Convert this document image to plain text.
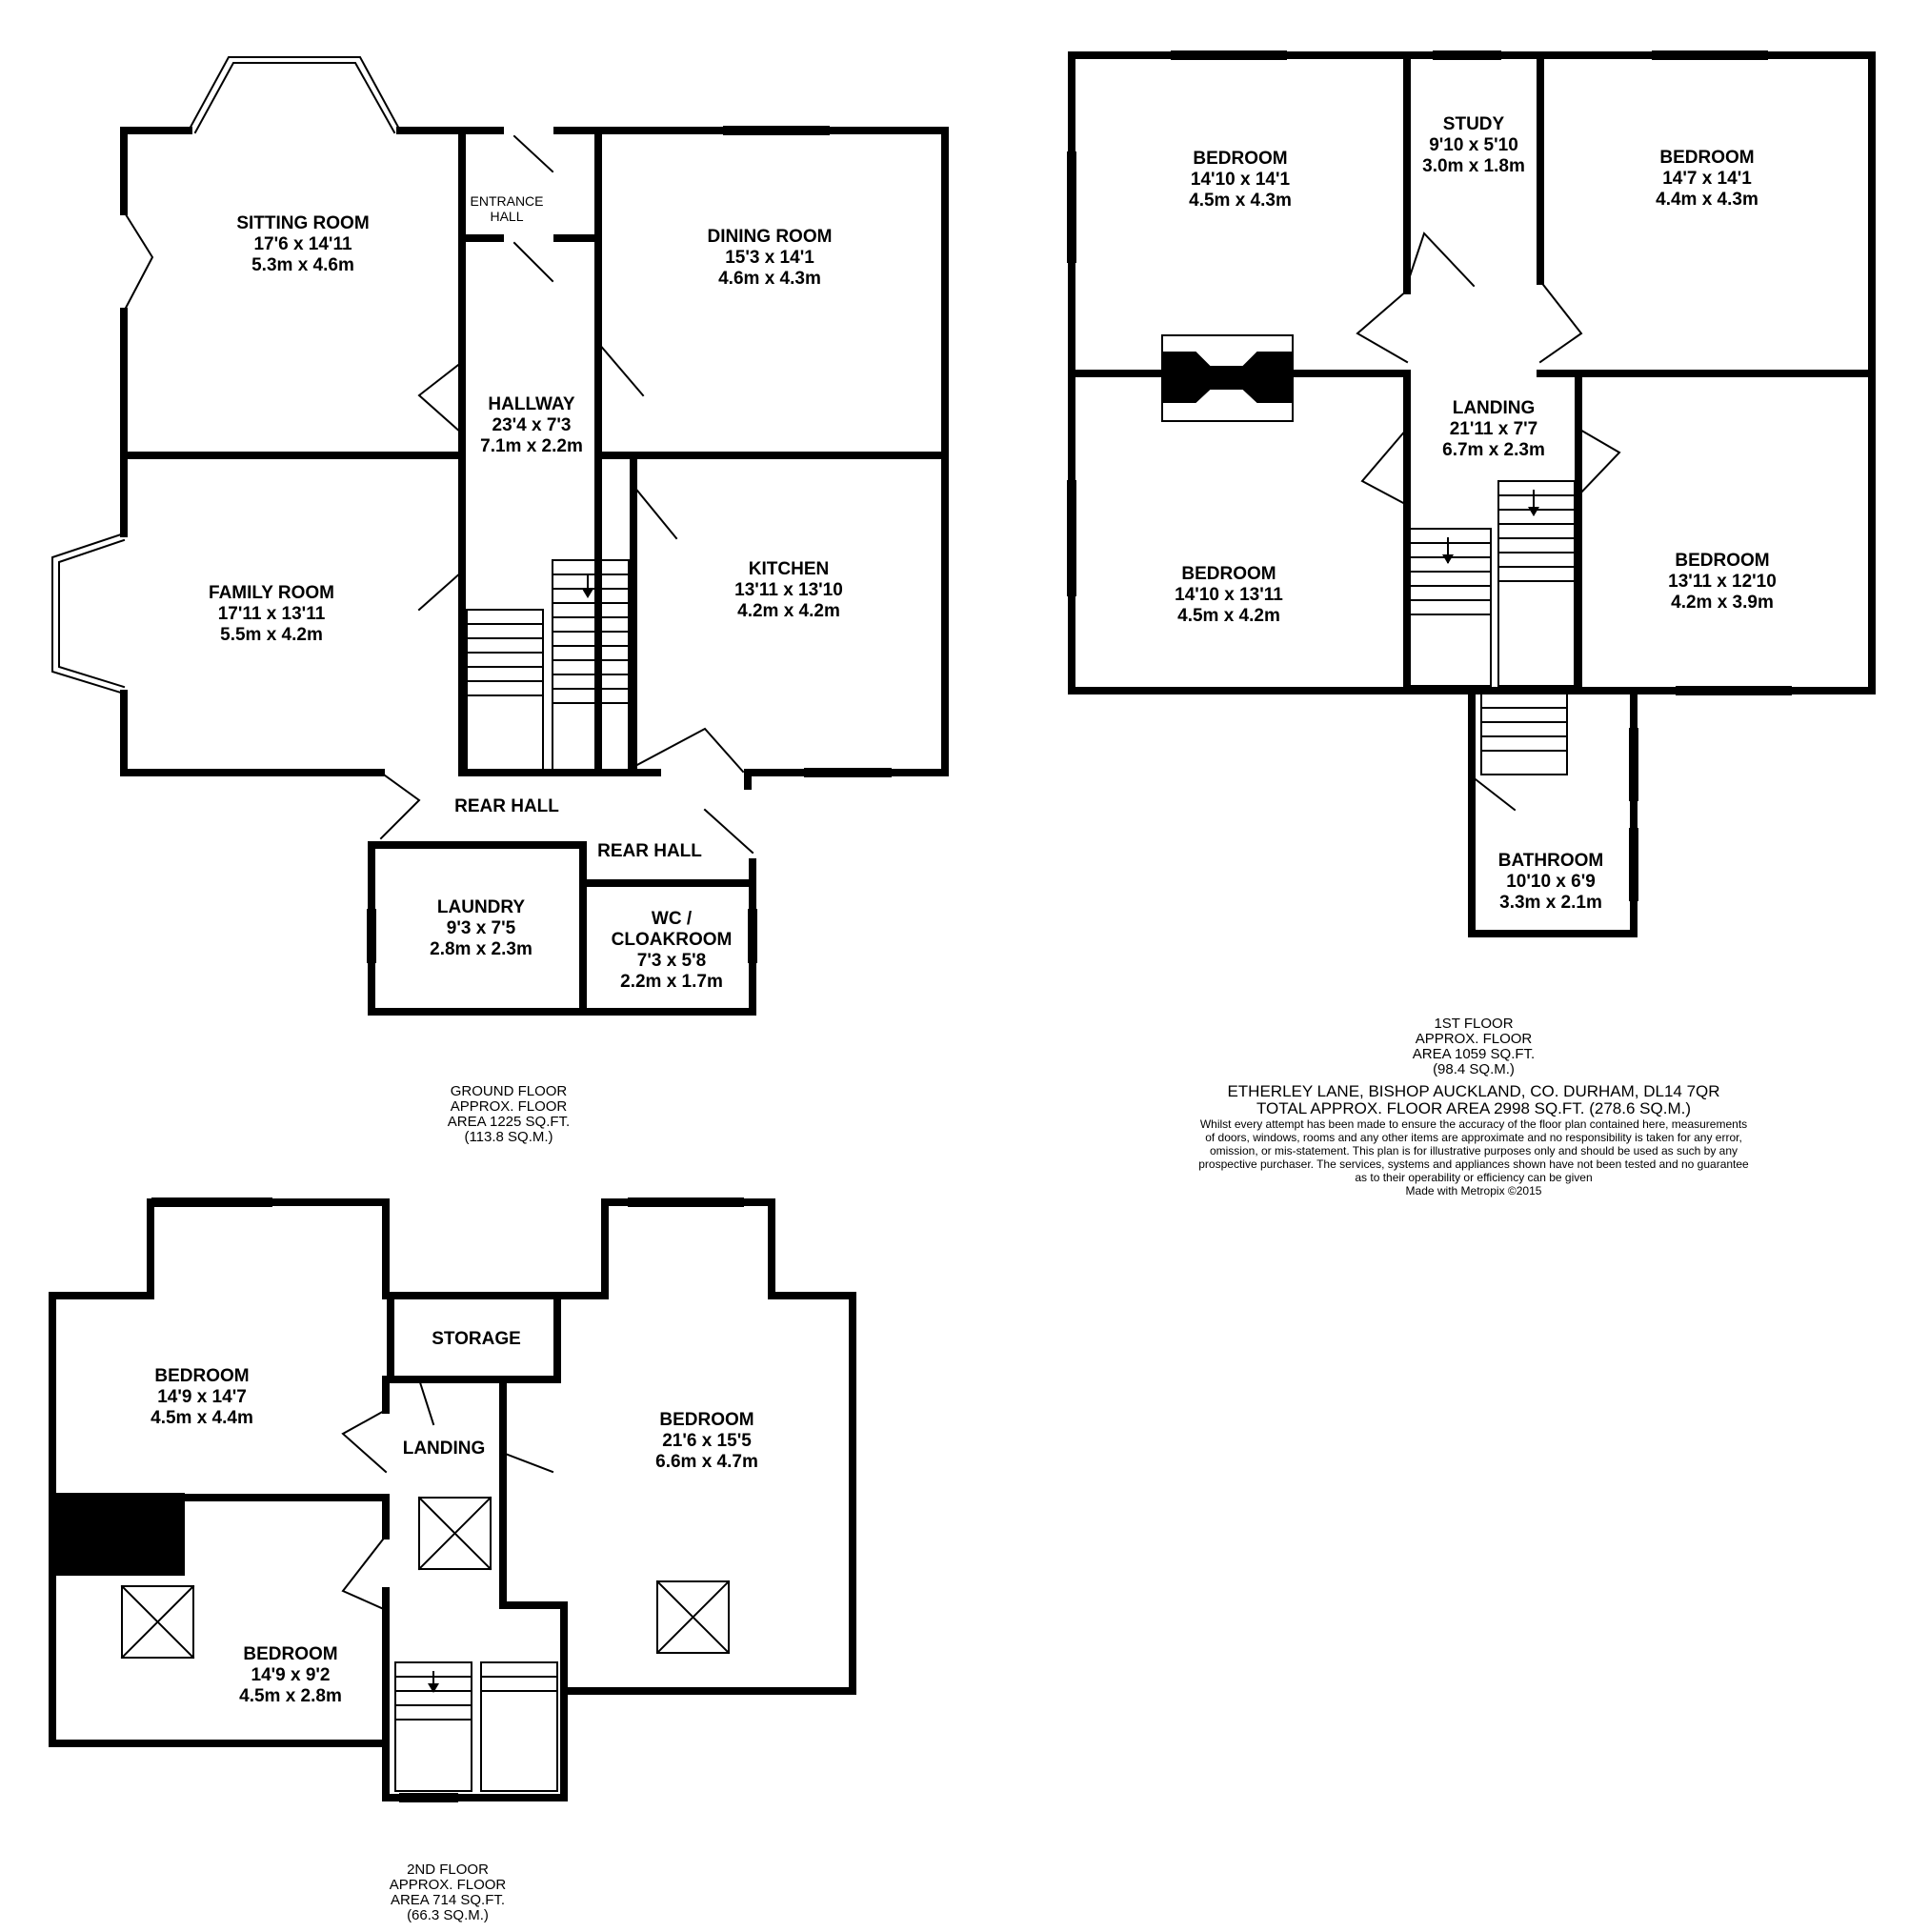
SITTING ROOM
17'6 x 14'11
5.3m x 4.6m
ENTRANCE
HALL
DINING ROOM
15'3 x 14'1
4.6m x 4.3m
HALLWAY
23'4 x 7'3
7.1m x 2.2m
FAMILY ROOM
17'11 x 13'11
5.5m x 4.2m
KITCHEN
13'11 x 13'10
4.2m x 4.2m
REAR HALL
REAR HALL
LAUNDRY
9'3 x 7'5
2.8m x 2.3m
WC /
CLOAKROOM
7'3 x 5'8
2.2m x 1.7m
GROUND FLOOR
APPROX. FLOOR
AREA 1225 SQ.FT.
(113.8 SQ.M.)
BEDROOM
14'10 x 14'1
4.5m x 4.3m
STUDY
9'10 x 5'10
3.0m x 1.8m	BEDROOM
14'7 x 14'1
4.4m x 4.3m
LANDING
21'11 x 7'7
6.7m x 2.3m
BEDROOM
14'10 x 13'11
4.5m x 4.2m
BEDROOM
13'11 x 12'10
4.2m x 3.9m
BATHROOM
10'10 x 6'9
3.3m x 2.1m
1ST FLOOR
APPROX. FLOOR
AREA 1059 SQ.FT.
(98.4 SQ.M.)
ETHERLEY LANE, BISHOP AUCKLAND, CO. DURHAM, DL14 7QR
TOTAL APPROX. FLOOR AREA 2998 SQ.FT. (278.6 SQ.M.)
Whilst every attempt has been made to ensure the accuracy of the floor plan contained here, measurements
of doors, windows, rooms and any other items are approximate and no responsibility is taken for any error,
omission, or mis-statement. This plan is for illustrative purposes only and should be used as such by any
prospective purchaser. The services, systems and appliances shown have not been tested and no guarantee
as to their operability or efficiency can be given
Made with Metropix ©2015
BEDROOM
14'9 x 14'7
4.5m x 4.4m
STORAGE
LANDING
BEDROOM
21'6 x 15'5
6.6m x 4.7m
BEDROOM
14'9 x 9'2
4.5m x 2.8m
2ND FLOOR
APPROX. FLOOR
AREA 714 SQ.FT.
(66.3 SQ.M.)
